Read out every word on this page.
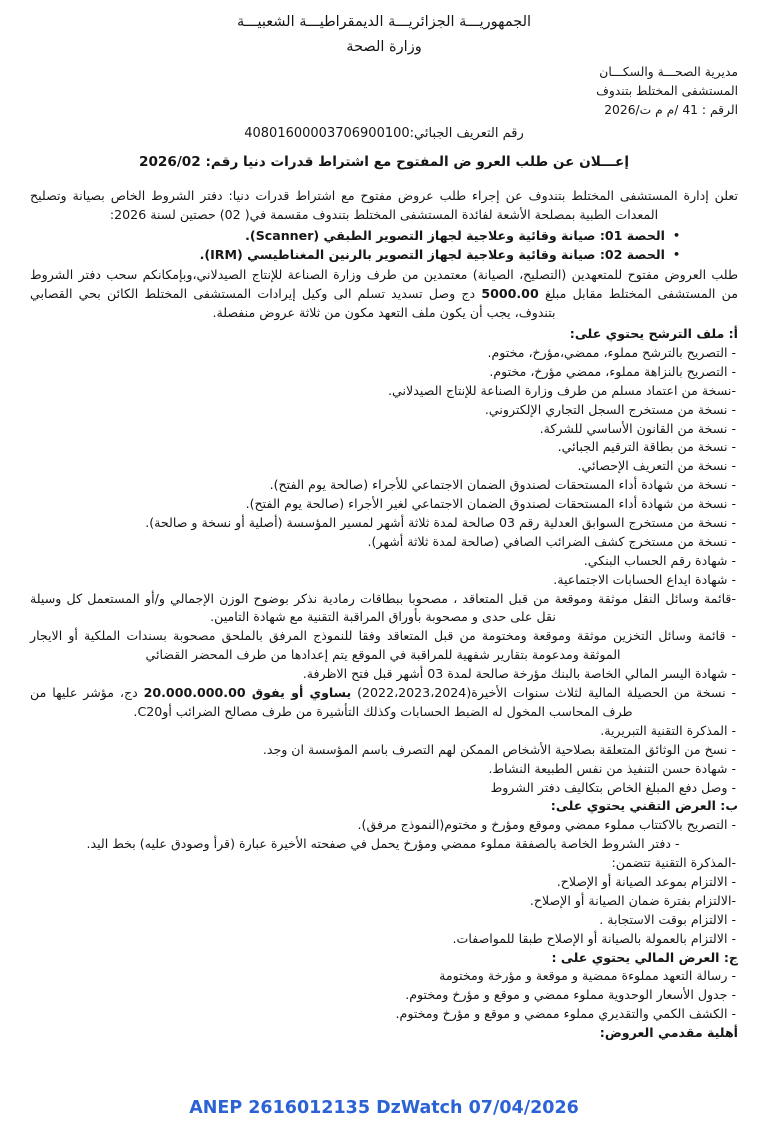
الجمهوريـــة الجزائريـــة الديمقراطيـــة الشعبيـــة
وزارة الصحة
مديرية الصحـــة والسكـــان
المستشفى المختلط بتندوف
الرقم : 41 /م م ت/2026
رقم التعريف الجبائي:40801600003706900100
إعـــلان عن طلب العرو ض المفتوح مع اشتراط قدرات دنيا رقم: 2026/02
تعلن إدارة المستشفى المختلط بتندوف عن إجراء طلب عروض مفتوح مع اشتراط قدرات دنيا: دفتر الشروط الخاص بصيانة وتصليح المعدات الطبية بمصلحة الأشعة لفائدة المستشفى المختلط بتندوف مقسمة في( 02) حصتين لسنة 2026:
•الحصة 01: صيانة وقائية وعلاجية لجهاز التصوير الطبقي (Scanner).
•الحصة 02: صيانة وقائية وعلاجية لجهاز التصوير بالرنين المغناطيسي (IRM).
طلب العروض مفتوح للمتعهدين (التصليح، الصيانة) معتمدين من طرف وزارة الصناعة للإنتاج الصيدلاني،وبإمكانكم سحب دفتر الشروط من المستشفى المختلط مقابل مبلغ 5000.00 دج وصل تسديد تسلم الى وكيل إيرادات المستشفى المختلط الكائن بحي القصابي بتندوف، يجب أن يكون ملف التعهد مكون من ثلاثة عروض منفصلة.
أ: ملف الترشح يحتوي على:
- التصريح بالترشح مملوء، ممضي،مؤرخ، مختوم.
- التصريح بالنزاهة مملوء، ممضي مؤرخ، مختوم.
-نسخة من اعتماد مسلم من طرف وزارة الصناعة للإنتاج الصيدلاني.
- نسخة من مستخرج السجل التجاري الإلكتروني.
- نسخة من القانون الأساسي للشركة.
- نسخة من بطاقة الترقيم الجبائي.
- نسخة من التعريف الإحصائي.
- نسخة من شهادة أداء المستحقات لصندوق الضمان الاجتماعي للأجراء (صالحة يوم الفتح).
- نسخة من شهادة أداء المستحقات لصندوق الضمان الاجتماعي لغير الأجراء (صالحة يوم الفتح).
- نسخة من مستخرج السوابق العدلية رقم 03 صالحة لمدة ثلاثة أشهر لمسير المؤسسة (أصلية أو نسخة و صالحة).
- نسخة من مستخرج كشف الضرائب الصافي (صالحة لمدة ثلاثة أشهر).
- شهادة رقم الحساب البنكي.
- شهادة ايداع الحسابات الاجتماعية.
-قائمة وسائل النقل موثقة وموقعة من قبل المتعاقد ، مصحوبا ببطاقات رمادية نذكر بوضوح الوزن الإجمالي و/أو المستعمل كل وسيلة نقل على حدى و مصحوبة بأوراق المراقبة التقنية مع شهادة التامين.
- قائمة وسائل التخزين موثقة وموقعة ومختومة من قبل المتعاقد وفقا للنموذج المرفق بالملحق مصحوبة بسندات الملكية أو الايجار الموثقة ومدعومة بتقارير شفهية للمراقبة في الموقع يتم إعدادها من طرف المحضر القضائي
- شهادة اليسر المالي الخاصة بالبنك مؤرخة صالحة لمدة 03 أشهر قبل فتح الاظرفة.
- نسخة من الحصيلة المالية لثلاث سنوات الأخيرة(2022،2023،2024) يساوي أو يفوق 20.000.000.00 دج، مؤشر عليها من طرف المحاسب المخول له الضبط الحسابات وكذلك التأشيرة من طرف مصالح الضرائب أوC20.
- المذكرة التقنية التبريرية.
- نسخ من الوثائق المتعلقة بصلاحية الأشخاص الممكن لهم التصرف باسم المؤسسة ان وجد.
- شهادة حسن التنفيذ من نفس الطبيعة النشاط.
- وصل دفع المبلغ الخاص بتكاليف دفتر الشروط
ب: العرض التقني يحتوي على:
- التصريح بالاكتتاب مملوء ممضي وموقع ومؤرخ و مختوم(النموذج مرفق).
- دفتر الشروط الخاصة بالصفقة مملوء ممضي ومؤرخ يحمل في صفحته الأخيرة عبارة (قرأ وصودق عليه) بخط اليد.
-المذكرة التقنية تتضمن:
- الالتزام بموعد الصيانة أو الإصلاح.
-الالتزام بفترة ضمان الصيانة أو الإصلاح.
- الالتزام بوقت الاستجابة .
- الالتزام بالعمولة بالصيانة أو الإصلاح طبقا للمواصفات.
ج: العرض المالي يحتوي على :
- رسالة التعهد مملوءة ممضية و موقعة و مؤرخة ومختومة
- جدول الأسعار الوحدوية مملوء ممضي و موقع و مؤرخ ومختوم.
- الكشف الكمي والتقديري مملوء ممضي و موقع و مؤرخ ومختوم.
أهلية مقدمي العروض:
ANEP 2616012135 DzWatch 07/04/2026
